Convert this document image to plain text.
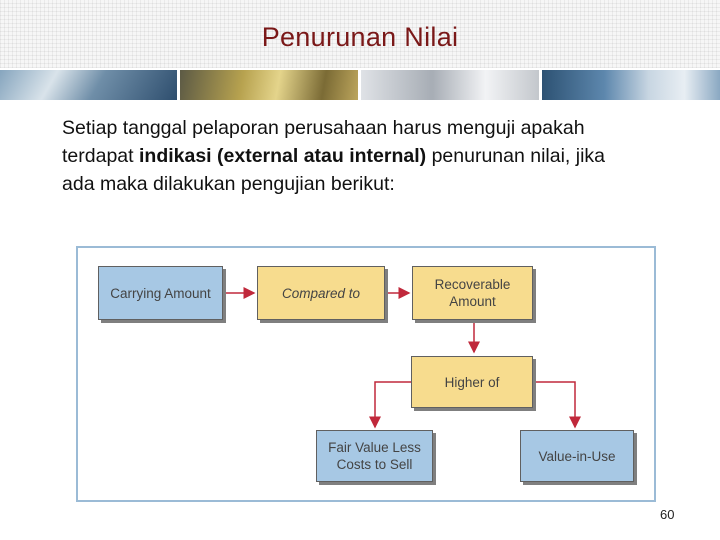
Penurunan Nilai
Setiap tanggal pelaporan perusahaan harus menguji apakah terdapat indikasi (external atau internal) penurunan nilai, jika ada maka dilakukan pengujian berikut:
Carrying Amount	Compared to
Recoverable Amount
Higher of
Fair Value Less Costs to Sell
Value-in-Use
60
